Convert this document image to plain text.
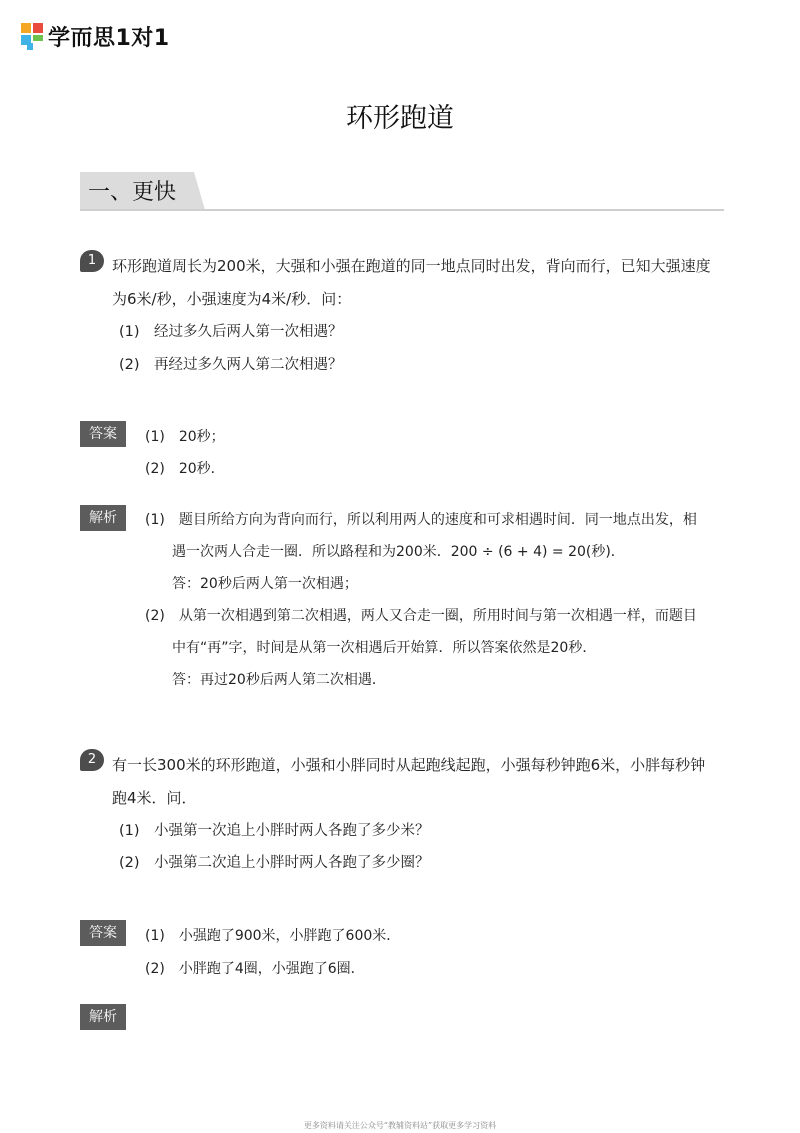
学而思1对1
环形跑道
一、更快
1	环形跑道周长为200米，大强和小强在跑道的同一地点同时出发，背向而行，已知大强速度
为6米/秒，小强速度为4米/秒．问：
(1)　经过多久后两人第一次相遇？
(2)　再经过多久两人第二次相遇？
答案	(1)　20秒；
(2)　20秒．
解析	(1)　题目所给方向为背向而行，所以利用两人的速度和可求相遇时间．同一地点出发，相
遇一次两人合走一圈．所以路程和为200米．200 ÷ (6 + 4) = 20(秒)．
答：20秒后两人第一次相遇；
(2)　从第一次相遇到第二次相遇，两人又合走一圈，所用时间与第一次相遇一样，而题目
中有“再”字，时间是从第一次相遇后开始算．所以答案依然是20秒．
答：再过20秒后两人第二次相遇．
2	有一长300米的环形跑道，小强和小胖同时从起跑线起跑，小强每秒钟跑6米，小胖每秒钟
跑4米．问．
(1)　小强第一次追上小胖时两人各跑了多少米？
(2)　小强第二次追上小胖时两人各跑了多少圈？
答案	(1)　小强跑了900米，小胖跑了600米．
(2)　小胖跑了4圈，小强跑了6圈．
解析
更多资料请关注公众号“教辅资料站”获取更多学习资料
